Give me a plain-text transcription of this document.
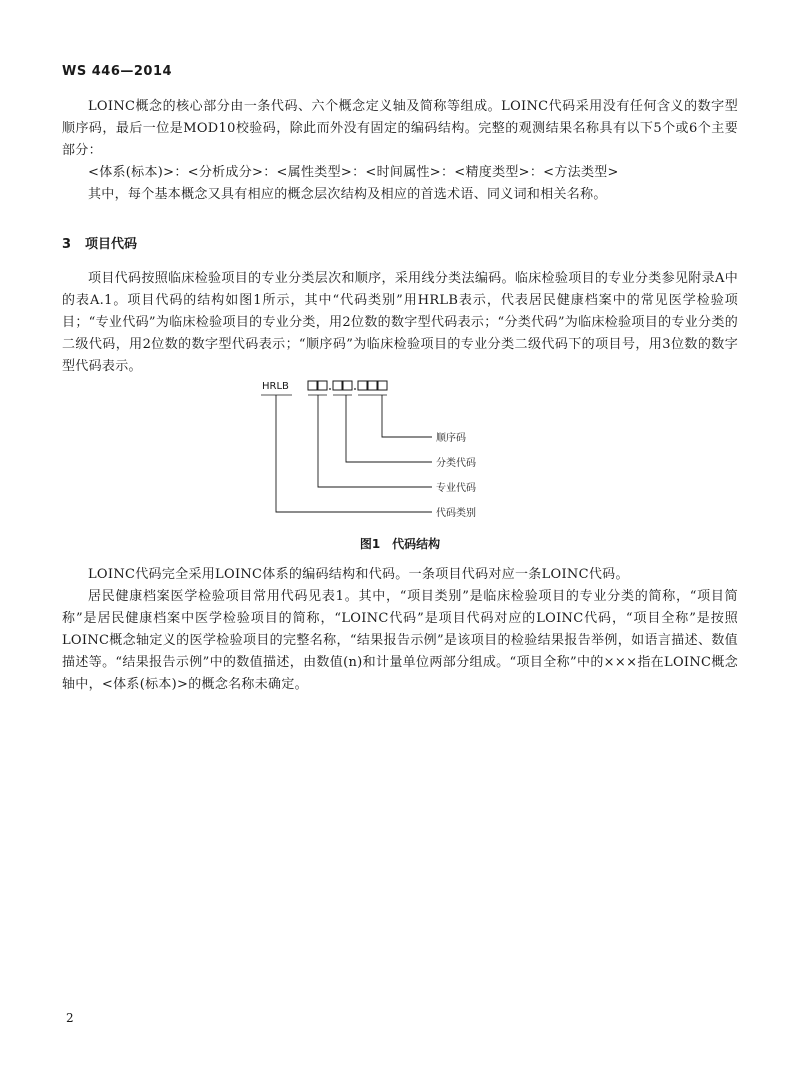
WS 446—2014

LOINC概念的核心部分由一条代码、六个概念定义轴及简称等组成。LOINC代码采用没有任何含义的数字型顺序码，最后一位是MOD10校验码，除此而外没有固定的编码结构。完整的观测结果名称具有以下5个或6个主要部分：

<体系(标本)>：<分析成分>：<属性类型>：<时间属性>：<精度类型>：<方法类型>

其中，每个基本概念又具有相应的概念层次结构及相应的首选术语、同义词和相关名称。

3 项目代码

项目代码按照临床检验项目的专业分类层次和顺序，采用线分类法编码。临床检验项目的专业分类参见附录A中的表A.1。项目代码的结构如图1所示，其中“代码类别”用HRLB表示，代表居民健康档案中的常见医学检验项目；“专业代码”为临床检验项目的专业分类，用2位数的数字型代码表示；“分类代码”为临床检验项目的专业分类的二级代码，用2位数的数字型代码表示；“顺序码”为临床检验项目的专业分类二级代码下的项目号，用3位数的数字型代码表示。

HRLB
顺序码
分类代码
专业代码
代码类别
图1 代码结构

LOINC代码完全采用LOINC体系的编码结构和代码。一条项目代码对应一条LOINC代码。

居民健康档案医学检验项目常用代码见表1。其中，“项目类别”是临床检验项目的专业分类的简称，“项目简称”是居民健康档案中医学检验项目的简称，“LOINC代码”是项目代码对应的LOINC代码，“项目全称”是按照LOINC概念轴定义的医学检验项目的完整名称，“结果报告示例”是该项目的检验结果报告举例，如语言描述、数值描述等。“结果报告示例”中的数值描述，由数值(n)和计量单位两部分组成。“项目全称”中的×××指在LOINC概念轴中，<体系(标本)>的概念名称未确定。

2
